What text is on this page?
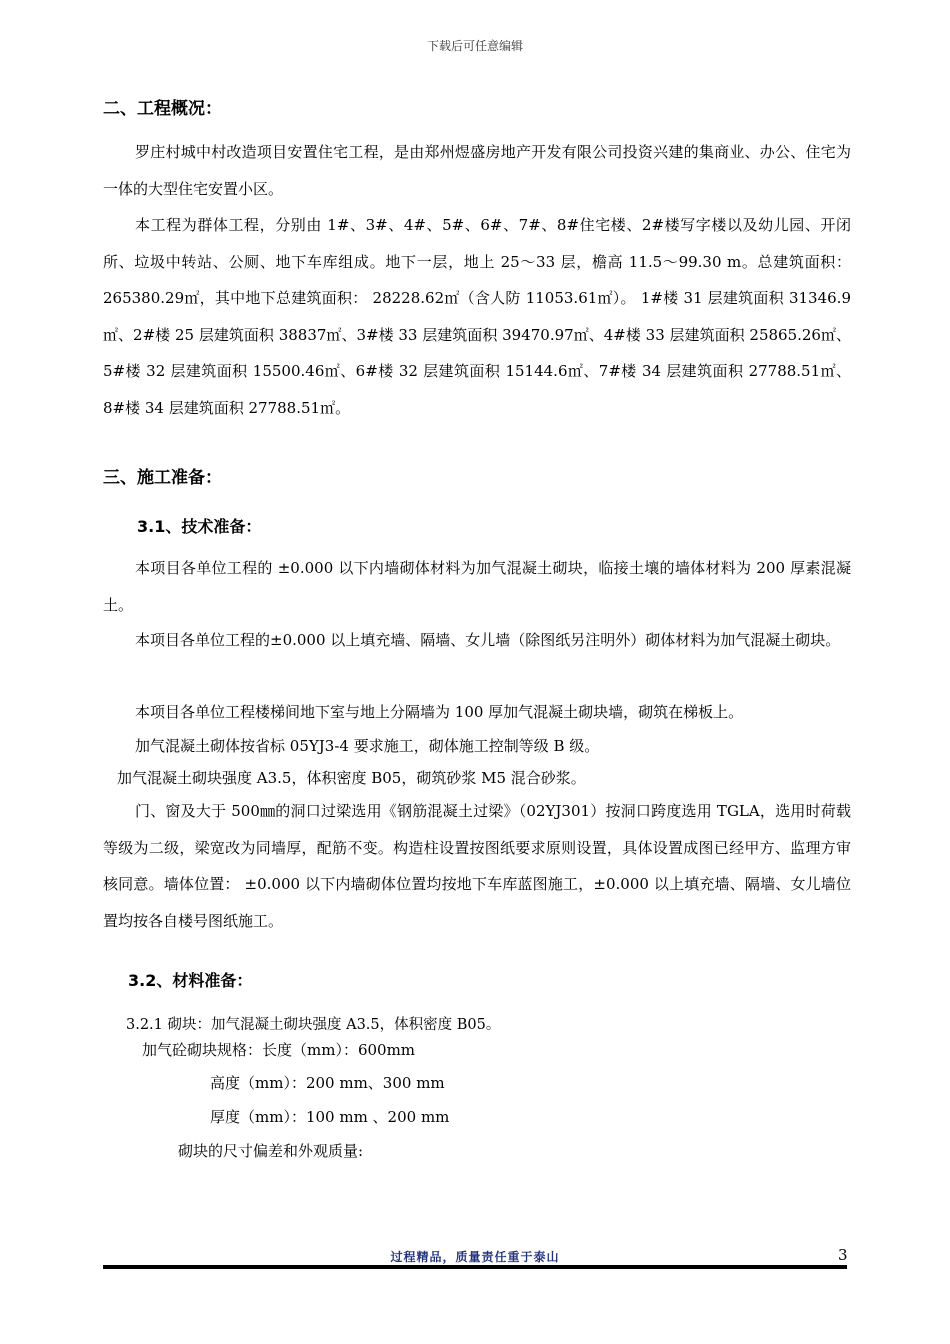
下载后可任意编辑
二、工程概况：

罗庄村城中村改造项目安置住宅工程，是由郑州煜盛房地产开发有限公司投资兴建的集商业、办公、住宅为一体的大型住宅安置小区。

本工程为群体工程，分别由 1#、3#、4#、5#、6#、7#、8#住宅楼、2#楼写字楼以及幼儿园、开闭所、垃圾中转站、公厕、地下车库组成。地下一层，地上 25～33 层，檐高 11.5～99.30 m。总建筑面积：265380.29㎡，其中地下总建筑面积： 28228.62㎡（含人防 11053.61㎡）。 1#楼 31 层建筑面积 31346.9㎡、2#楼 25 层建筑面积 38837㎡、3#楼 33 层建筑面积 39470.97㎡、4#楼 33 层建筑面积 25865.26㎡、5#楼 32 层建筑面积 15500.46㎡、6#楼 32 层建筑面积 15144.6㎡、7#楼 34 层建筑面积 27788.51㎡、8#楼 34 层建筑面积 27788.51㎡。

三、施工准备：
3.1、技术准备：

本项目各单位工程的 ±0.000 以下内墙砌体材料为加气混凝土砌块，临接土壤的墙体材料为 200 厚素混凝土。

本项目各单位工程的±0.000 以上填充墙、隔墙、女儿墙（除图纸另注明外）砌体材料为加气混凝土砌块。

本项目各单位工程楼梯间地下室与地上分隔墙为 100 厚加气混凝土砌块墙，砌筑在梯板上。
加气混凝土砌体按省标 05YJ3-4 要求施工，砌体施工控制等级 B 级。
加气混凝土砌块强度 A3.5，体积密度 B05，砌筑砂浆 M5 混合砂浆。

门、窗及大于 500㎜的洞口过梁选用《钢筋混凝土过梁》（02YJ301）按洞口跨度选用 TGLA，选用时荷载等级为二级，梁宽改为同墙厚，配筋不变。构造柱设置按图纸要求原则设置，具体设置成图已经甲方、监理方审核同意。墙体位置： ±0.000 以下内墙砌体位置均按地下车库蓝图施工，±0.000 以上填充墙、隔墙、女儿墙位置均按各自楼号图纸施工。

3.2、材料准备：
3.2.1 砌块：加气混凝土砌块强度 A3.5，体积密度 B05。
加气砼砌块规格：长度（mm）：600mm
高度（mm）：200 mm、300 mm
厚度（mm）：100 mm 、200 mm
砌块的尺寸偏差和外观质量:
过程精品，质量责任重于泰山	3
